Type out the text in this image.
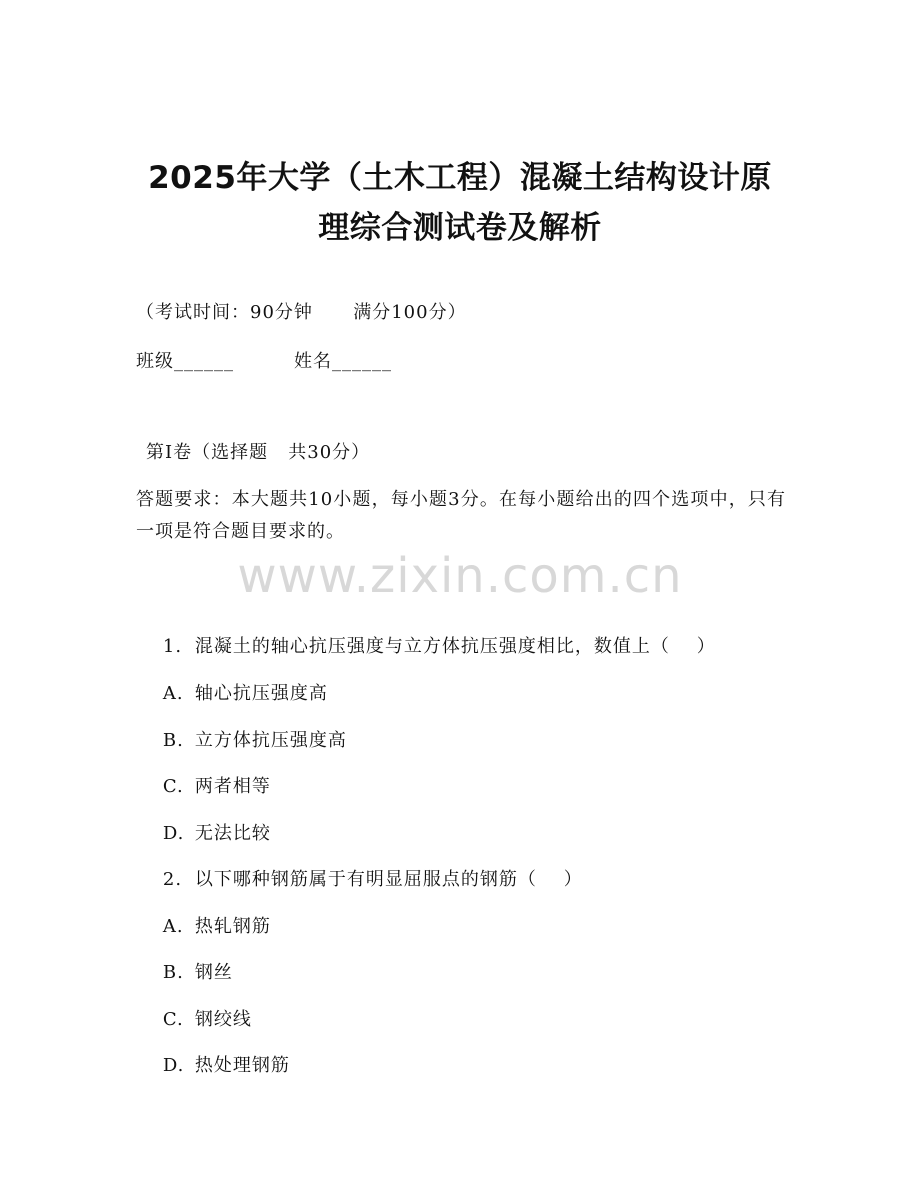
2025年大学（土木工程）混凝土结构设计原
理综合测试卷及解析
（考试时间：90分钟      满分100分）
班级______	姓名______
第I卷（选择题   共30分）
答题要求：本大题共10小题，每小题3分。在每小题给出的四个选项中，只有一项是符合题目要求的。
www.zixin.com.cn

1. 混凝土的轴心抗压强度与立方体抗压强度相比，数值上（    ）

A. 轴心抗压强度高

B. 立方体抗压强度高

C. 两者相等

D. 无法比较

2. 以下哪种钢筋属于有明显屈服点的钢筋（    ）

A. 热轧钢筋

B. 钢丝

C. 钢绞线

D. 热处理钢筋
